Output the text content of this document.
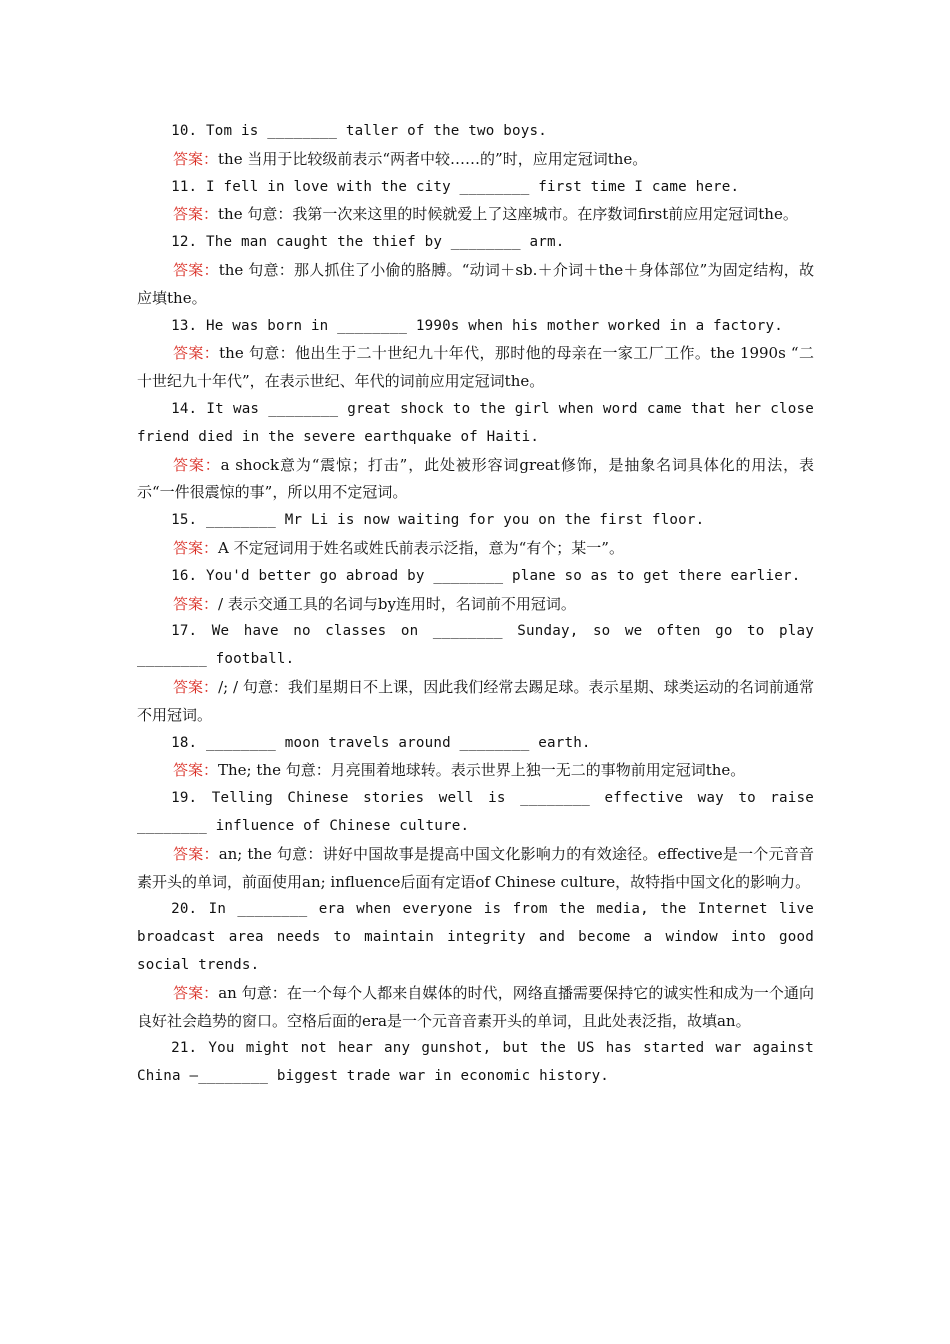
10. Tom is ________ taller of the two boys.

答案：the 当用于比较级前表示“两者中较……的”时，应用定冠词the。

11. I fell in love with the city ________ first time I came here.

答案：the 句意：我第一次来这里的时候就爱上了这座城市。在序数词first前应用定冠词the。

12. The man caught the thief by ________ arm.

答案：the 句意：那人抓住了小偷的胳膊。“动词＋sb.＋介词＋the＋身体部位”为固定结构，故应填the。

13. He was born in ________ 1990s when his mother worked in a factory.

答案：the 句意：他出生于二十世纪九十年代，那时他的母亲在一家工厂工作。the 1990s “二十世纪九十年代”，在表示世纪、年代的词前应用定冠词the。

14. It was ________ great shock to the girl when word came that her close friend died in the severe earthquake of Haiti.

答案：a shock意为“震惊；打击”，此处被形容词great修饰，是抽象名词具体化的用法，表示“一件很震惊的事”，所以用不定冠词。

15. ________ Mr Li is now waiting for you on the first floor.

答案：A 不定冠词用于姓名或姓氏前表示泛指，意为“有个；某一”。

16. You'd better go abroad by ________ plane so as to get there earlier.

答案：/ 表示交通工具的名词与by连用时，名词前不用冠词。

17. We have no classes on ________ Sunday, so we often go to play ________ football.

答案：/; / 句意：我们星期日不上课，因此我们经常去踢足球。表示星期、球类运动的名词前通常不用冠词。

18. ________ moon travels around ________ earth.

答案：The; the 句意：月亮围着地球转。表示世界上独一无二的事物前用定冠词the。

19. Telling Chinese stories well is ________ effective way to raise ________ influence of Chinese culture.

答案：an; the 句意：讲好中国故事是提高中国文化影响力的有效途径。effective是一个元音音素开头的单词，前面使用an; influence后面有定语of Chinese culture，故特指中国文化的影响力。

20. In ________ era when everyone is from the media, the Internet live broadcast area needs to maintain integrity and become a window into good social trends.

答案：an 句意：在一个每个人都来自媒体的时代，网络直播需要保持它的诚实性和成为一个通向良好社会趋势的窗口。空格后面的era是一个元音音素开头的单词，且此处表泛指，故填an。

21. You might not hear any gunshot, but the US has started war against China —________ biggest trade war in economic history.
